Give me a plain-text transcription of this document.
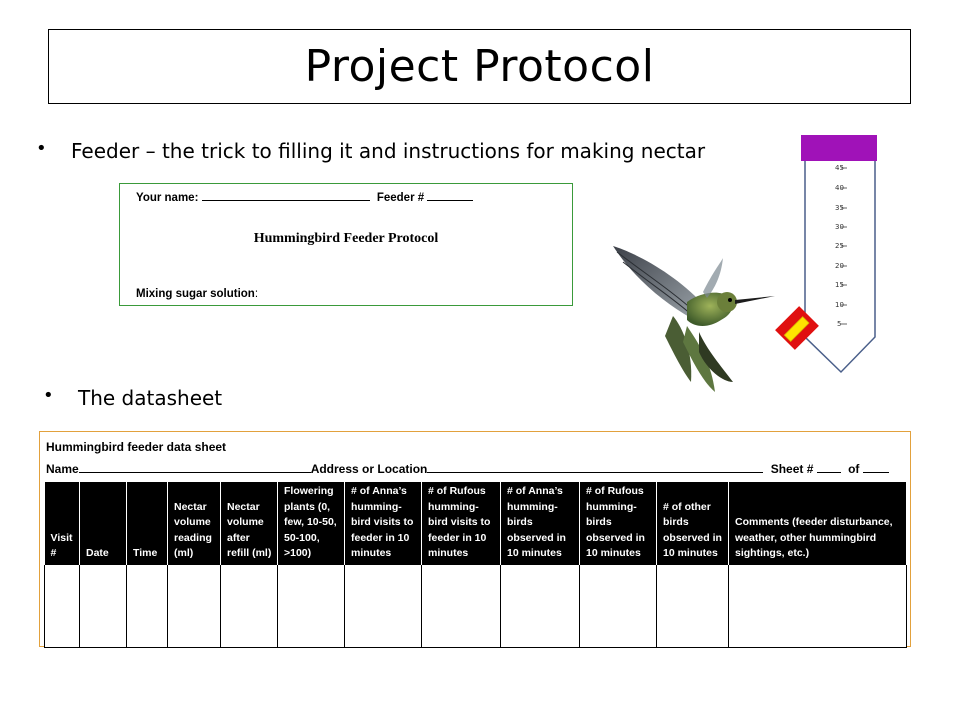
Project Protocol
• Feeder – the trick to filling it and instructions for making nectar
Your name:	Feeder #
Hummingbird Feeder Protocol
Mixing sugar solution:
45
40
35
30
25
20
15
10
5
• The datasheet
Hummingbird feeder data sheet
Name	Address or Location	Sheet #	of
Visit #	Date	Time	Nectar volume reading (ml)	Nectar volume after refill (ml)	Flowering plants (0, few, 10-50, 50-100, >100)	# of Anna’s humming-bird visits to feeder in 10 minutes	# of Rufous humming-bird visits to feeder in 10 minutes	# of Anna’s humming-birds observed in 10 minutes	# of Rufous humming-birds observed in 10 minutes	# of other birds observed in 10 minutes	Comments (feeder disturbance, weather, other hummingbird sightings, etc.)
